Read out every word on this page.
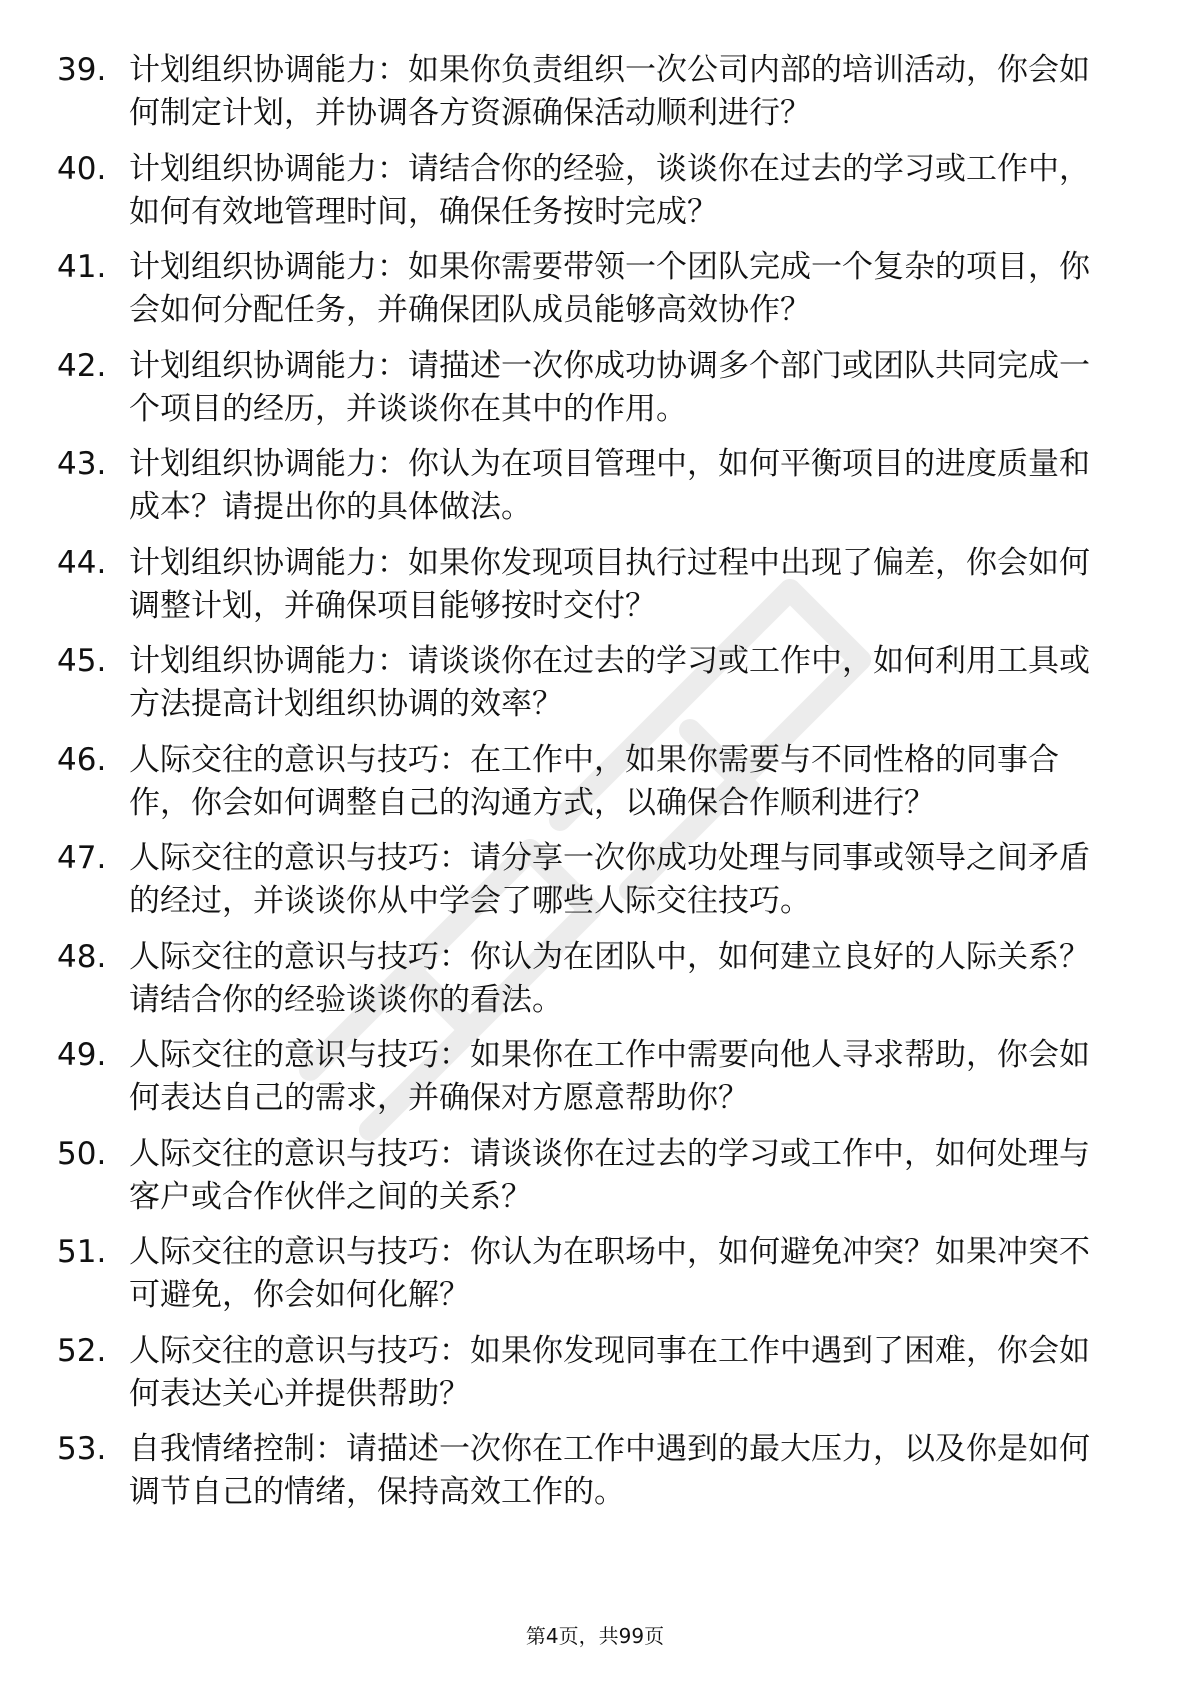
39. 计划组织协调能力：如果你负责组织一次公司内部的培训活动，你会如何制定计划，并协调各方资源确保活动顺利进行？
40. 计划组织协调能力：请结合你的经验，谈谈你在过去的学习或工作中，如何有效地管理时间，确保任务按时完成？
41. 计划组织协调能力：如果你需要带领一个团队完成一个复杂的项目，你会如何分配任务，并确保团队成员能够高效协作？
42. 计划组织协调能力：请描述一次你成功协调多个部门或团队共同完成一个项目的经历，并谈谈你在其中的作用。
43. 计划组织协调能力：你认为在项目管理中，如何平衡项目的进度质量和成本？请提出你的具体做法。
44. 计划组织协调能力：如果你发现项目执行过程中出现了偏差，你会如何调整计划，并确保项目能够按时交付？
45. 计划组织协调能力：请谈谈你在过去的学习或工作中，如何利用工具或方法提高计划组织协调的效率？
46. 人际交往的意识与技巧：在工作中，如果你需要与不同性格的同事合作，你会如何调整自己的沟通方式，以确保合作顺利进行？
47. 人际交往的意识与技巧：请分享一次你成功处理与同事或领导之间矛盾的经过，并谈谈你从中学会了哪些人际交往技巧。
48. 人际交往的意识与技巧：你认为在团队中，如何建立良好的人际关系？请结合你的经验谈谈你的看法。
49. 人际交往的意识与技巧：如果你在工作中需要向他人寻求帮助，你会如何表达自己的需求，并确保对方愿意帮助你？
50. 人际交往的意识与技巧：请谈谈你在过去的学习或工作中，如何处理与客户或合作伙伴之间的关系？
51. 人际交往的意识与技巧：你认为在职场中，如何避免冲突？如果冲突不可避免，你会如何化解？
52. 人际交往的意识与技巧：如果你发现同事在工作中遇到了困难，你会如何表达关心并提供帮助？
53. 自我情绪控制：请描述一次你在工作中遇到的最大压力，以及你是如何调节自己的情绪，保持高效工作的。
第4页，共99页
